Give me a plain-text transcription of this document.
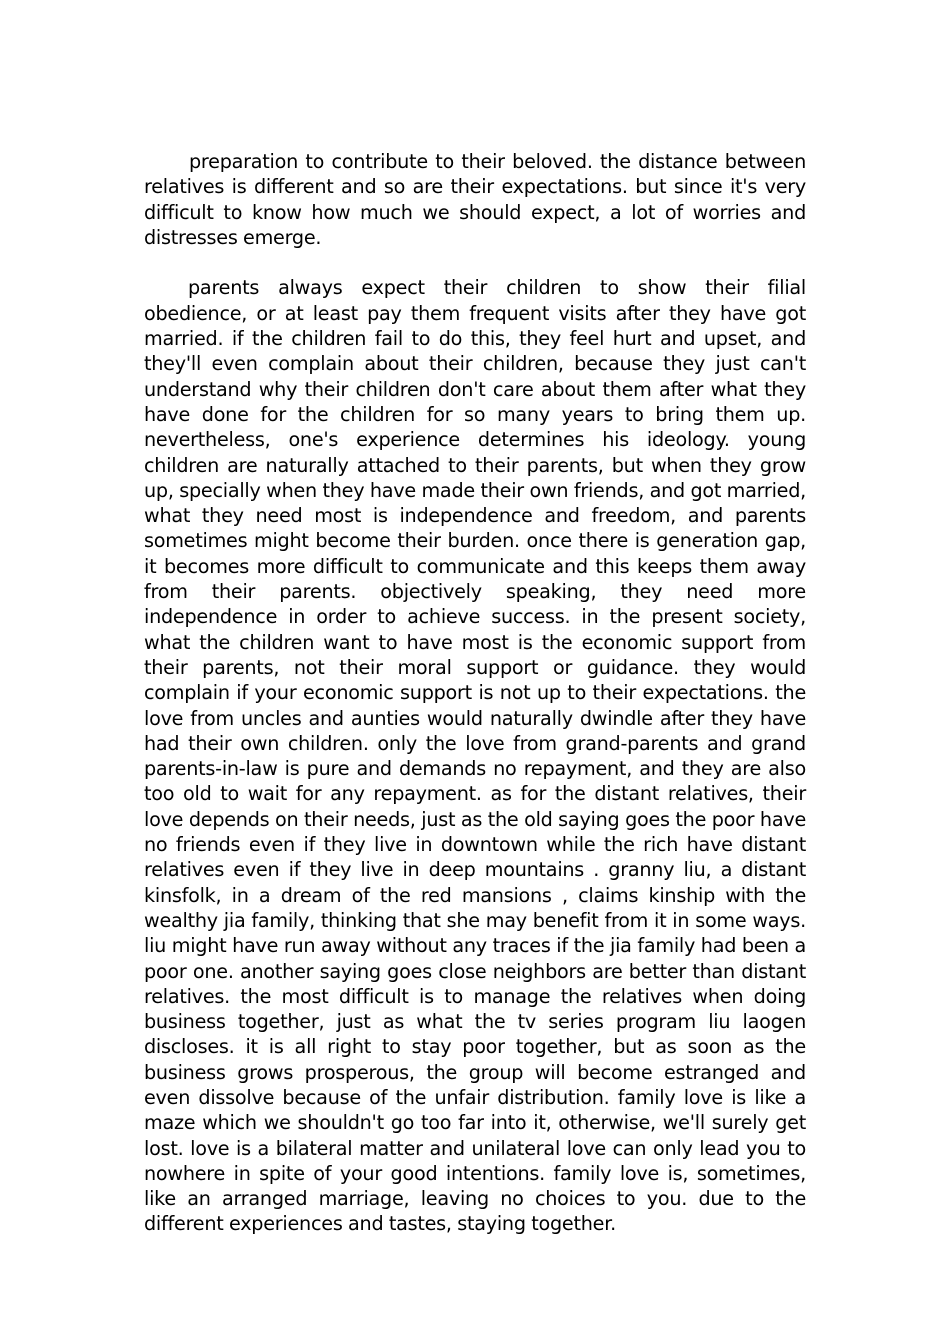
preparation to contribute to their beloved. the distance between relatives is different and so are their expectations. but since it's very difficult to know how much we should expect, a lot of worries and distresses emerge.

parents always expect their children to show their filial obedience, or at least pay them frequent visits after they have got married. if the children fail to do this, they feel hurt and upset, and they'll even complain about their children, because they just can't understand why their children don't care about them after what they have done for the children for so many years to bring them up. nevertheless, one's experience determines his ideology. young children are naturally attached to their parents, but when they grow up, specially when they have made their own friends, and got married, what they need most is independence and freedom, and parents sometimes might become their burden. once there is generation gap, it becomes more difficult to communicate and this keeps them away from their parents. objectively speaking, they need more independence in order to achieve success. in the present society, what the children want to have most is the economic support from their parents, not their moral support or guidance. they would complain if your economic support is not up to their expectations. the love from uncles and aunties would naturally dwindle after they have had their own children. only the love from grand-parents and grand parents-in-law is pure and demands no repayment, and they are also too old to wait for any repayment. as for the distant relatives, their love depends on their needs, just as the old saying goes the poor have no friends even if they live in downtown while the rich have distant relatives even if they live in deep mountains . granny liu, a distant kinsfolk, in a dream of the red mansions , claims kinship with the wealthy jia family, thinking that she may benefit from it in some ways. liu might have run away without any traces if the jia family had been a poor one. another saying goes close neighbors are better than distant relatives. the most difficult is to manage the relatives when doing business together, just as what the tv series program liu laogen discloses. it is all right to stay poor together, but as soon as the business grows prosperous, the group will become estranged and even dissolve because of the unfair distribution. family love is like a maze which we shouldn't go too far into it, otherwise, we'll surely get lost. love is a bilateral matter and unilateral love can only lead you to nowhere in spite of your good intentions. family love is, sometimes, like an arranged marriage, leaving no choices to you. due to the different experiences and tastes, staying together.
